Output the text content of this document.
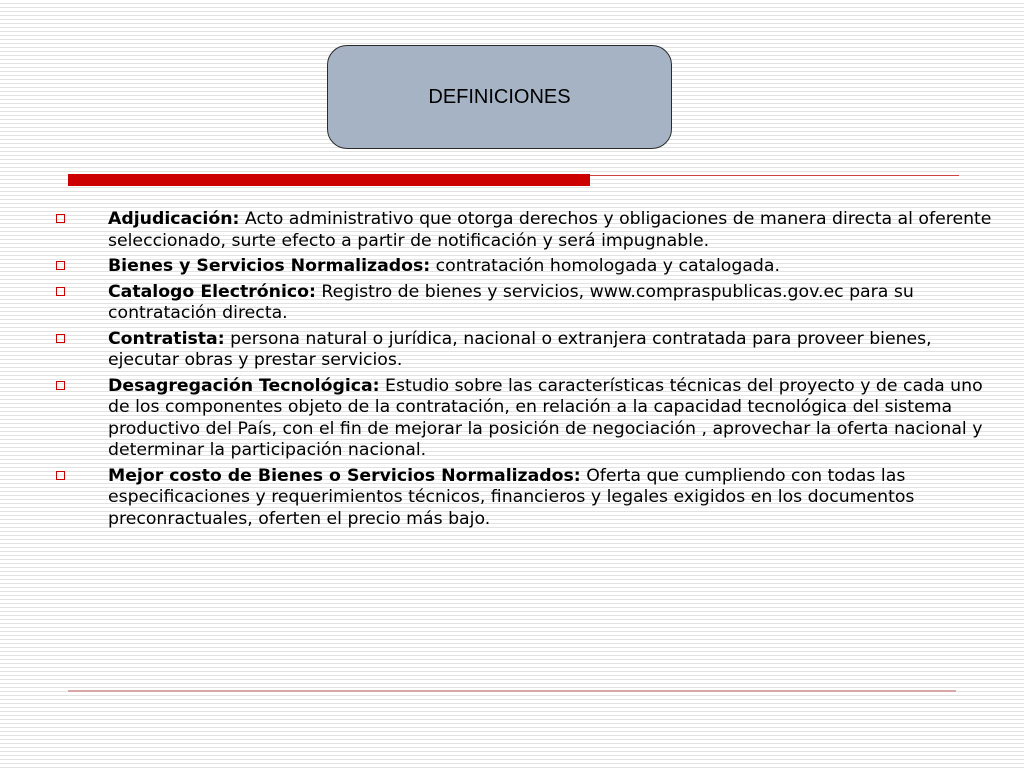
DEFINICIONES
Adjudicación: Acto administrativo que otorga derechos y obligaciones de manera directa al oferente seleccionado, surte efecto a partir de notificación y será impugnable.
Bienes y Servicios Normalizados: contratación homologada y catalogada.
Catalogo Electrónico: Registro de bienes y servicios, www.compraspublicas.gov.ec para su contratación directa.
Contratista: persona natural o jurídica, nacional o extranjera contratada para proveer bienes, ejecutar obras y prestar servicios.
Desagregación Tecnológica: Estudio sobre las características técnicas del proyecto y de cada uno de los componentes objeto de la contratación, en relación a la capacidad tecnológica del sistema productivo del País, con el fin de mejorar la posición de negociación , aprovechar la oferta nacional y determinar la participación nacional.
Mejor costo de Bienes o Servicios Normalizados: Oferta que cumpliendo con todas las especificaciones y requerimientos técnicos, financieros y legales exigidos en los documentos preconractuales, oferten el precio más bajo.
